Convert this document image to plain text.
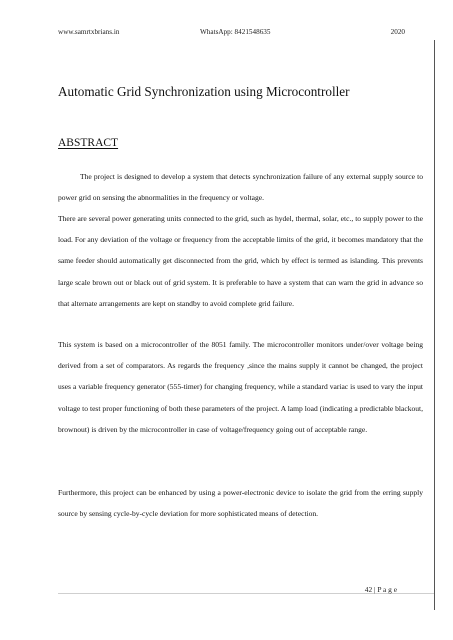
www.samrtxbrians.in	WhatsApp: 8421548635	2020
Automatic Grid Synchronization using Microcontroller
ABSTRACT

The project is designed to develop a system that detects synchronization failure of any external supply source to power grid on sensing the abnormalities in the frequency or voltage.

There are several power generating units connected to the grid, such as hydel, thermal, solar, etc., to supply power to the load. For any deviation of the voltage or frequency from the acceptable limits of the grid, it becomes mandatory that the same feeder should automatically get disconnected from the grid, which by effect is termed as islanding. This prevents large scale brown out or black out of grid system. It is preferable to have a system that can warn the grid in advance so that alternate arrangements are kept on standby to avoid complete grid failure.

This system is based on a microcontroller of the 8051 family. The microcontroller monitors under/over voltage being derived from a set of comparators. As regards the frequency ,since the mains supply it cannot be changed, the project uses a variable frequency generator (555-timer) for changing frequency, while a standard variac is used to vary the input voltage to test proper functioning of both these parameters of the project. A lamp load (indicating a predictable blackout, brownout) is driven by the microcontroller in case of voltage/frequency going out of acceptable range.

Furthermore, this project can be enhanced by using a power-electronic device to isolate the grid from the erring supply source by sensing cycle-by-cycle deviation for more sophisticated means of detection.

42 | P a g e
